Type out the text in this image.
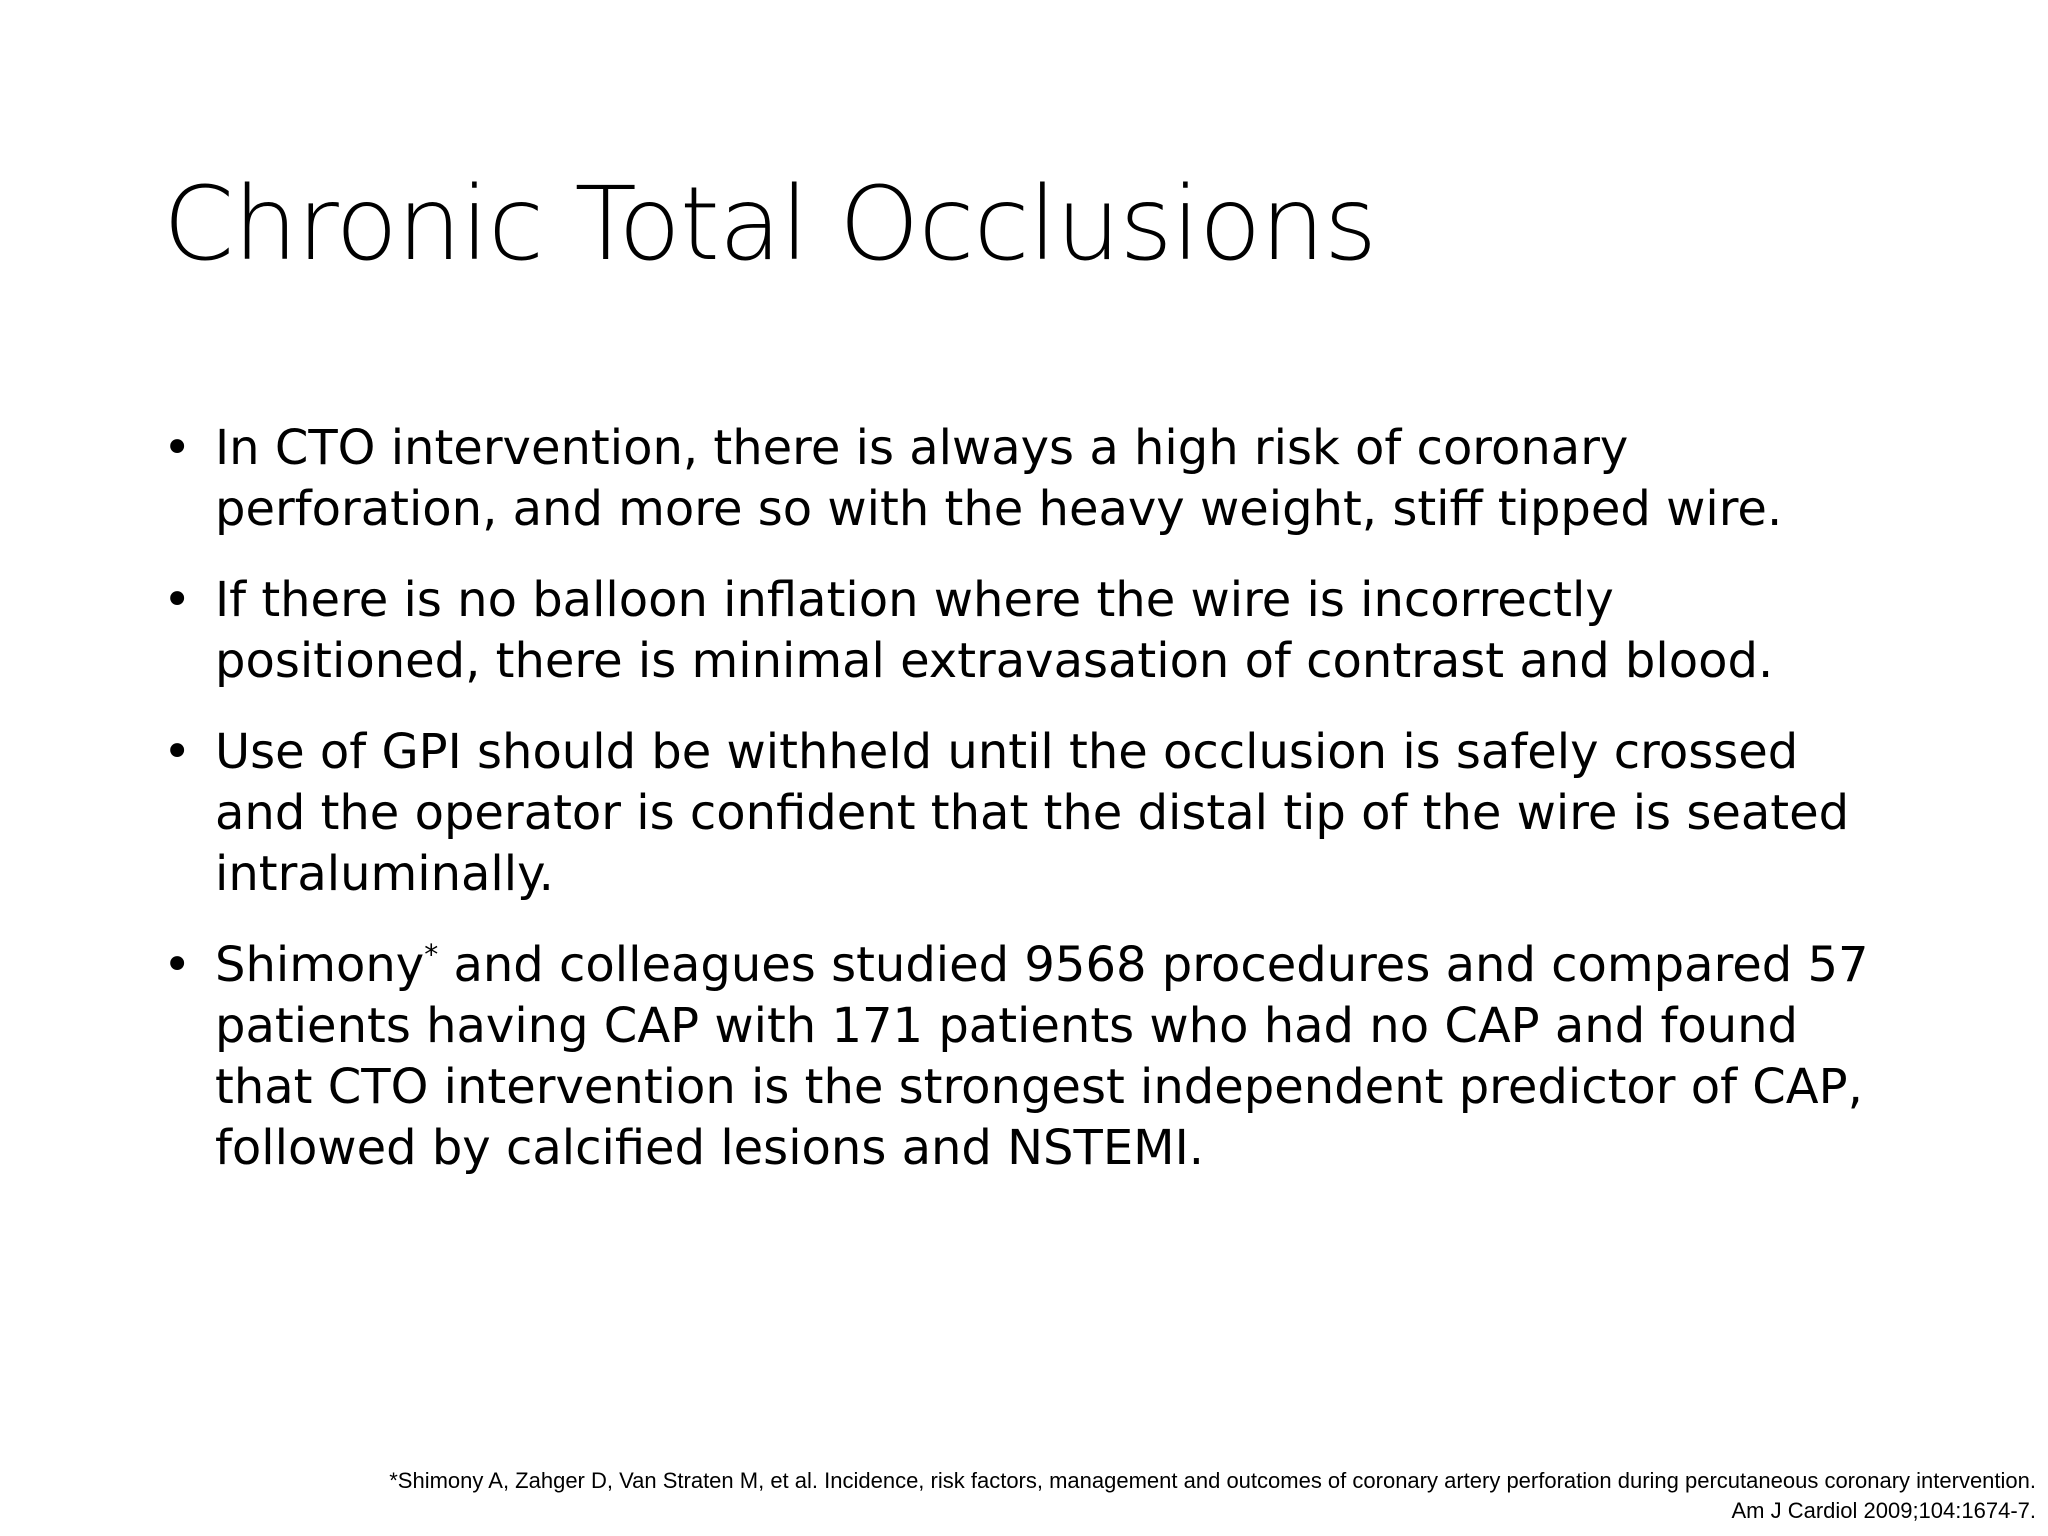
Chronic Total Occlusions
• In CTO intervention, there is always a high risk of coronary perforation, and more so with the heavy weight, stiff tipped wire.
• If there is no balloon inflation where the wire is incorrectly positioned, there is minimal extravasation of contrast and blood.
• Use of GPI should be withheld until the occlusion is safely crossed and the operator is confident that the distal tip of the wire is seated intraluminally.
• Shimony* and colleagues studied 9568 procedures and compared 57 patients having CAP with 171 patients who had no CAP and found that CTO intervention is the strongest independent predictor of CAP, followed by calcified lesions and NSTEMI.
*Shimony A, Zahger D, Van Straten M, et al. Incidence, risk factors, management and outcomes of coronary artery perforation during percutaneous coronary intervention.
Am J Cardiol 2009;104:1674-7.
